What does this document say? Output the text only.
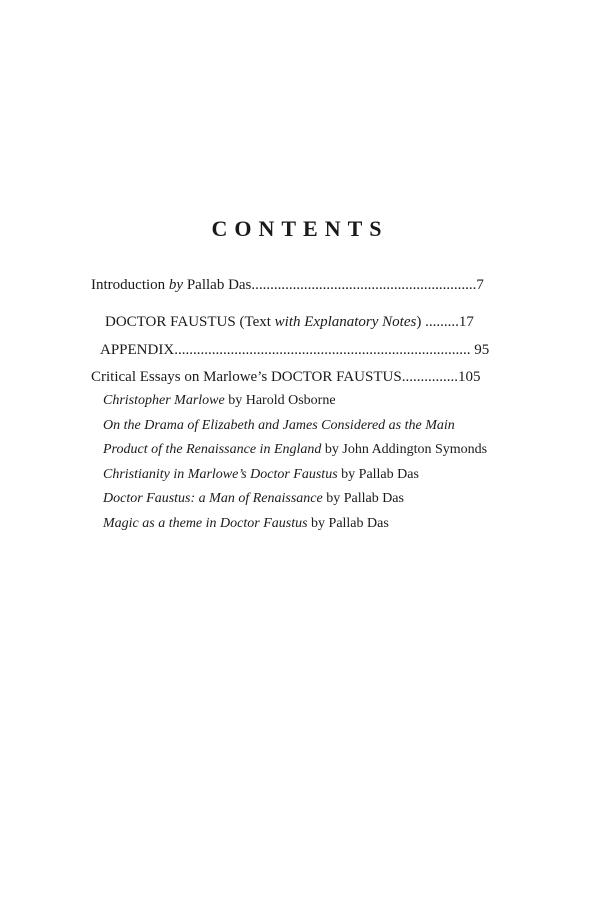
CONTENTS
Introduction by Pallab Das............................................................7
DOCTOR FAUSTUS (Text with Explanatory Notes) .........17
APPENDIX............................................................................... 95
Critical Essays on Marlowe’s DOCTOR FAUSTUS...............105
Christopher Marlowe by Harold Osborne
On the Drama of Elizabeth and James Considered as the Main
Product of the Renaissance in England by John Addington Symonds
Christianity in Marlowe’s Doctor Faustus by Pallab Das
Doctor Faustus: a Man of Renaissance by Pallab Das
Magic as a theme in Doctor Faustus by Pallab Das
